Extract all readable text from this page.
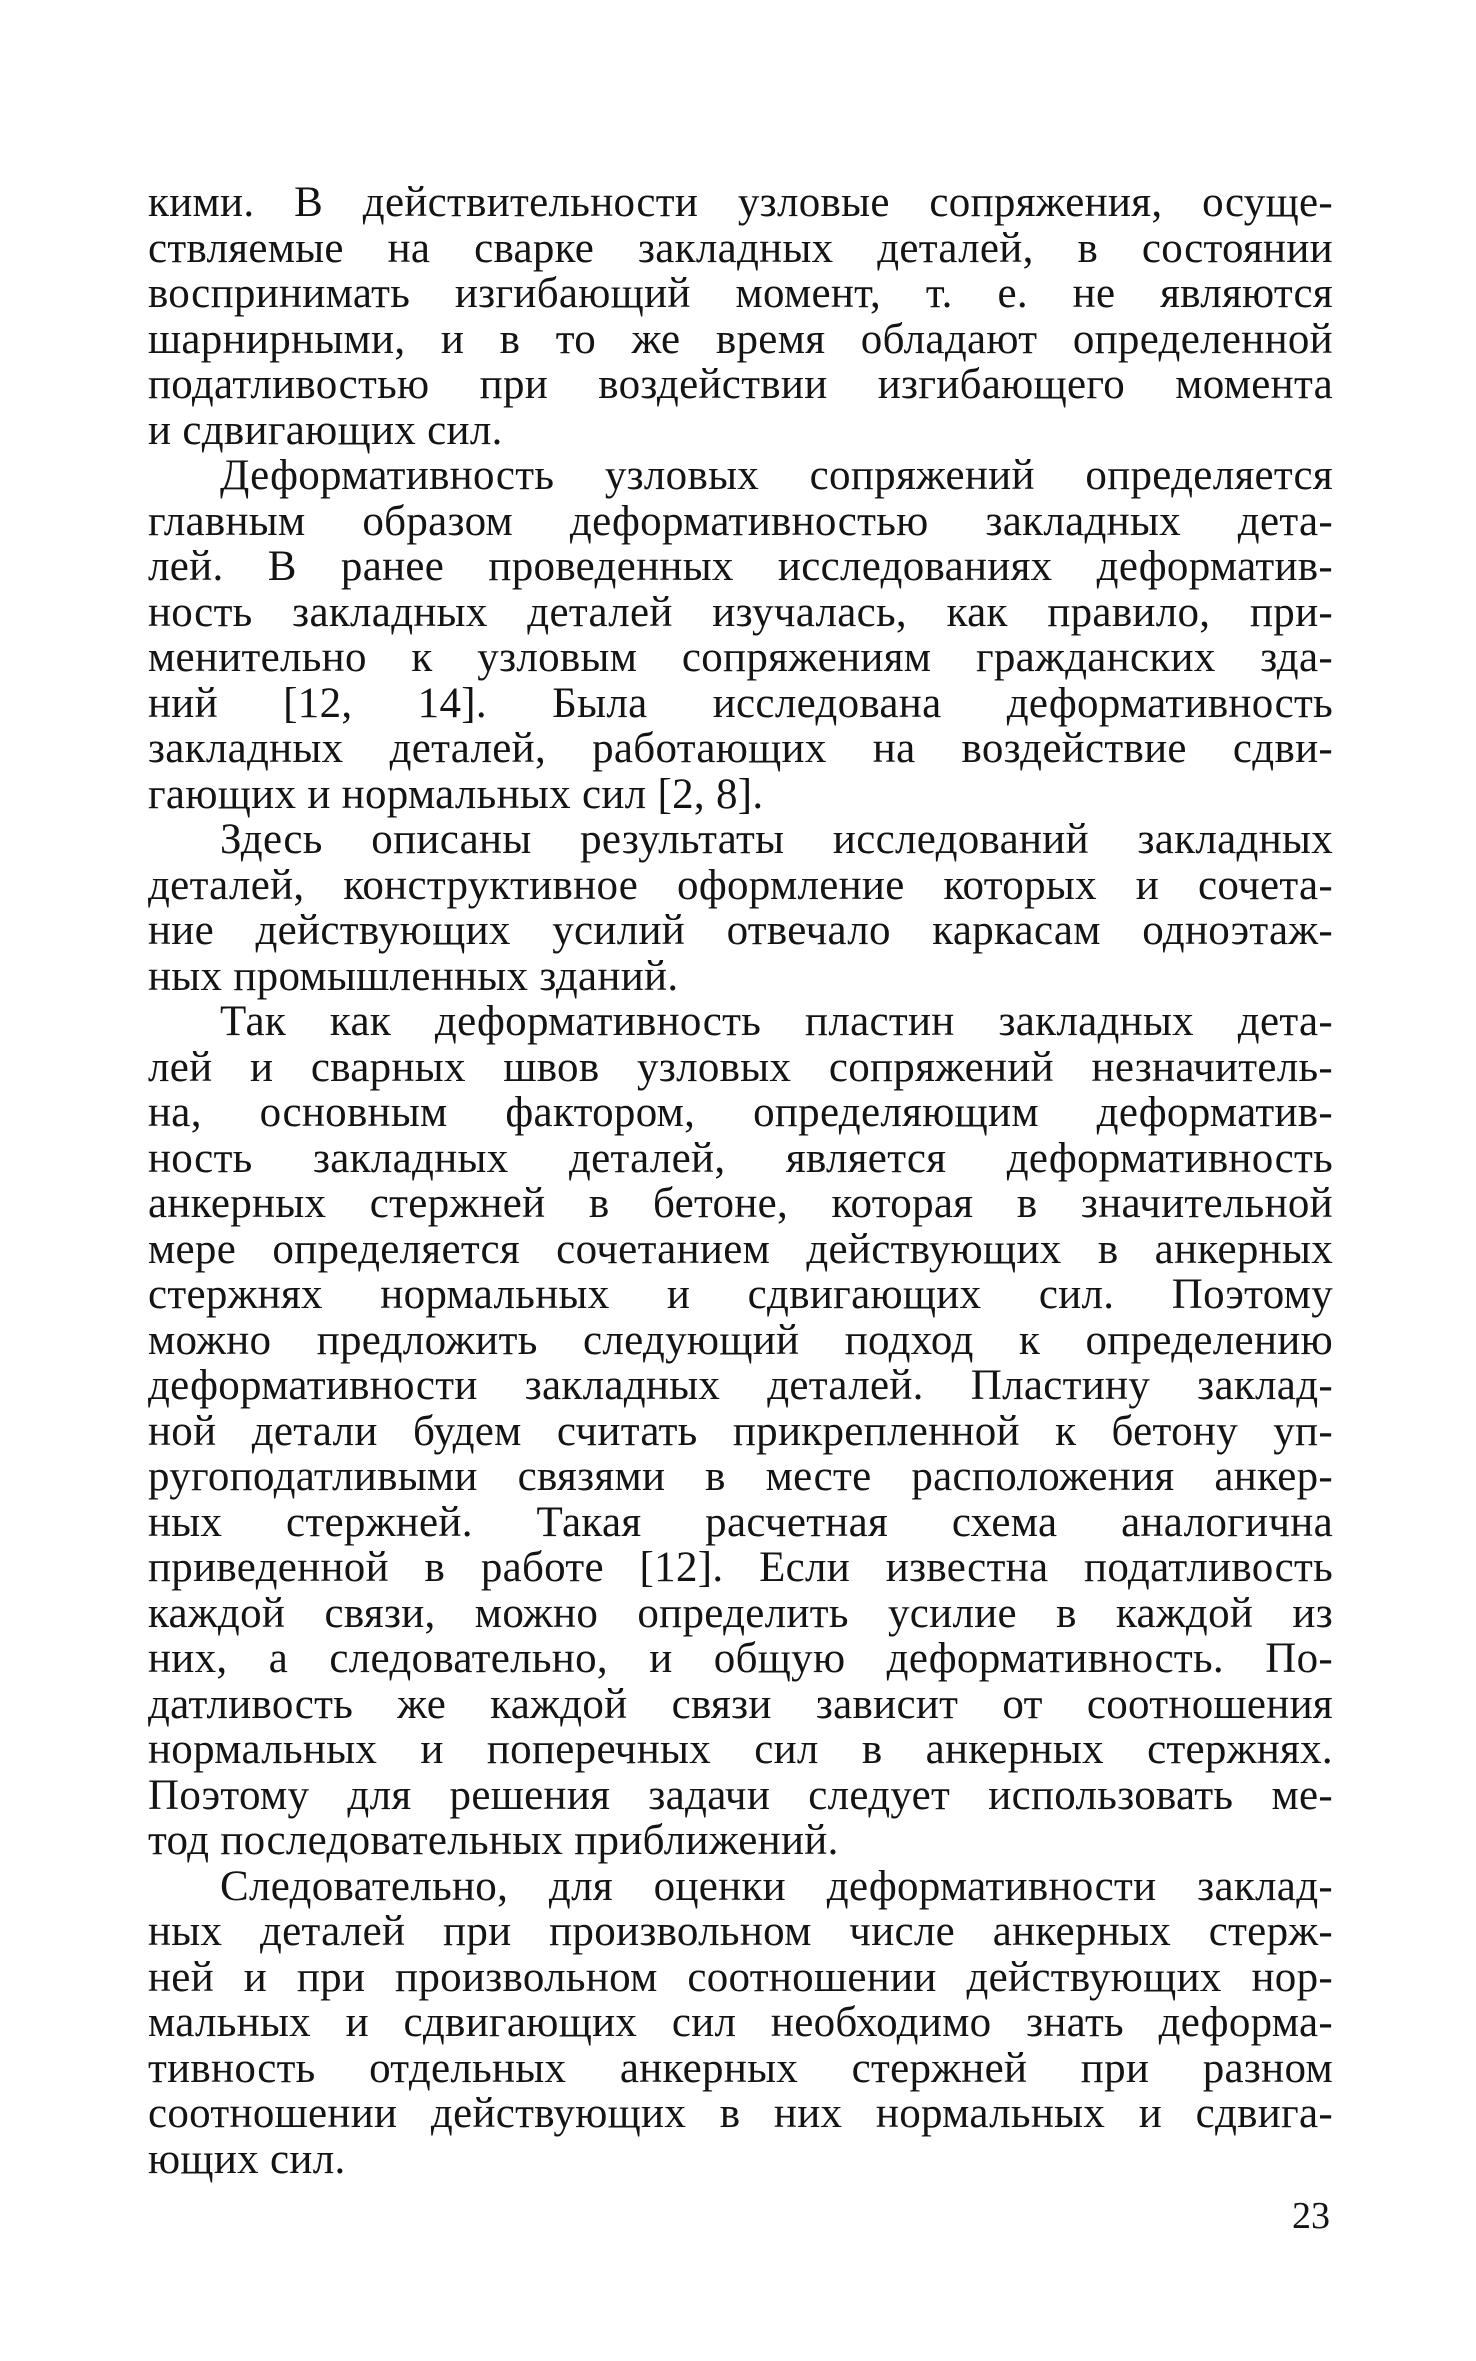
кими. В действительности узловые сопряжения, осуще-
ствляемые на сварке закладных деталей, в состоянии
воспринимать изгибающий момент, т. е. не являются
шарнирными, и в то же время обладают определенной
податливостью при воздействии изгибающего момента
и сдвигающих сил.
Деформативность узловых сопряжений определяется
главным образом деформативностью закладных дета-
лей. В ранее проведенных исследованиях деформатив-
ность закладных деталей изучалась, как правило, при-
менительно к узловым сопряжениям гражданских зда-
ний [12, 14]. Была исследована деформативность
закладных деталей, работающих на воздействие сдви-
гающих и нормальных сил [2, 8].
Здесь описаны результаты исследований закладных
деталей, конструктивное оформление которых и сочета-
ние действующих усилий отвечало каркасам одноэтаж-
ных промышленных зданий.
Так как деформативность пластин закладных дета-
лей и сварных швов узловых сопряжений незначитель-
на, основным фактором, определяющим деформатив-
ность закладных деталей, является деформативность
анкерных стержней в бетоне, которая в значительной
мере определяется сочетанием действующих в анкерных
стержнях нормальных и сдвигающих сил. Поэтому
можно предложить следующий подход к определению
деформативности закладных деталей. Пластину заклад-
ной детали будем считать прикрепленной к бетону уп-
ругоподатливыми связями в месте расположения анкер-
ных стержней. Такая расчетная схема аналогична
приведенной в работе [12]. Если известна податливость
каждой связи, можно определить усилие в каждой из
них, а следовательно, и общую деформативность. По-
датливость же каждой связи зависит от соотношения
нормальных и поперечных сил в анкерных стержнях.
Поэтому для решения задачи следует использовать ме-
тод последовательных приближений.
Следовательно, для оценки деформативности заклад-
ных деталей при произвольном числе анкерных стерж-
ней и при произвольном соотношении действующих нор-
мальных и сдвигающих сил необходимо знать деформа-
тивность отдельных анкерных стержней при разном
соотношении действующих в них нормальных и сдвига-
ющих сил.
23
